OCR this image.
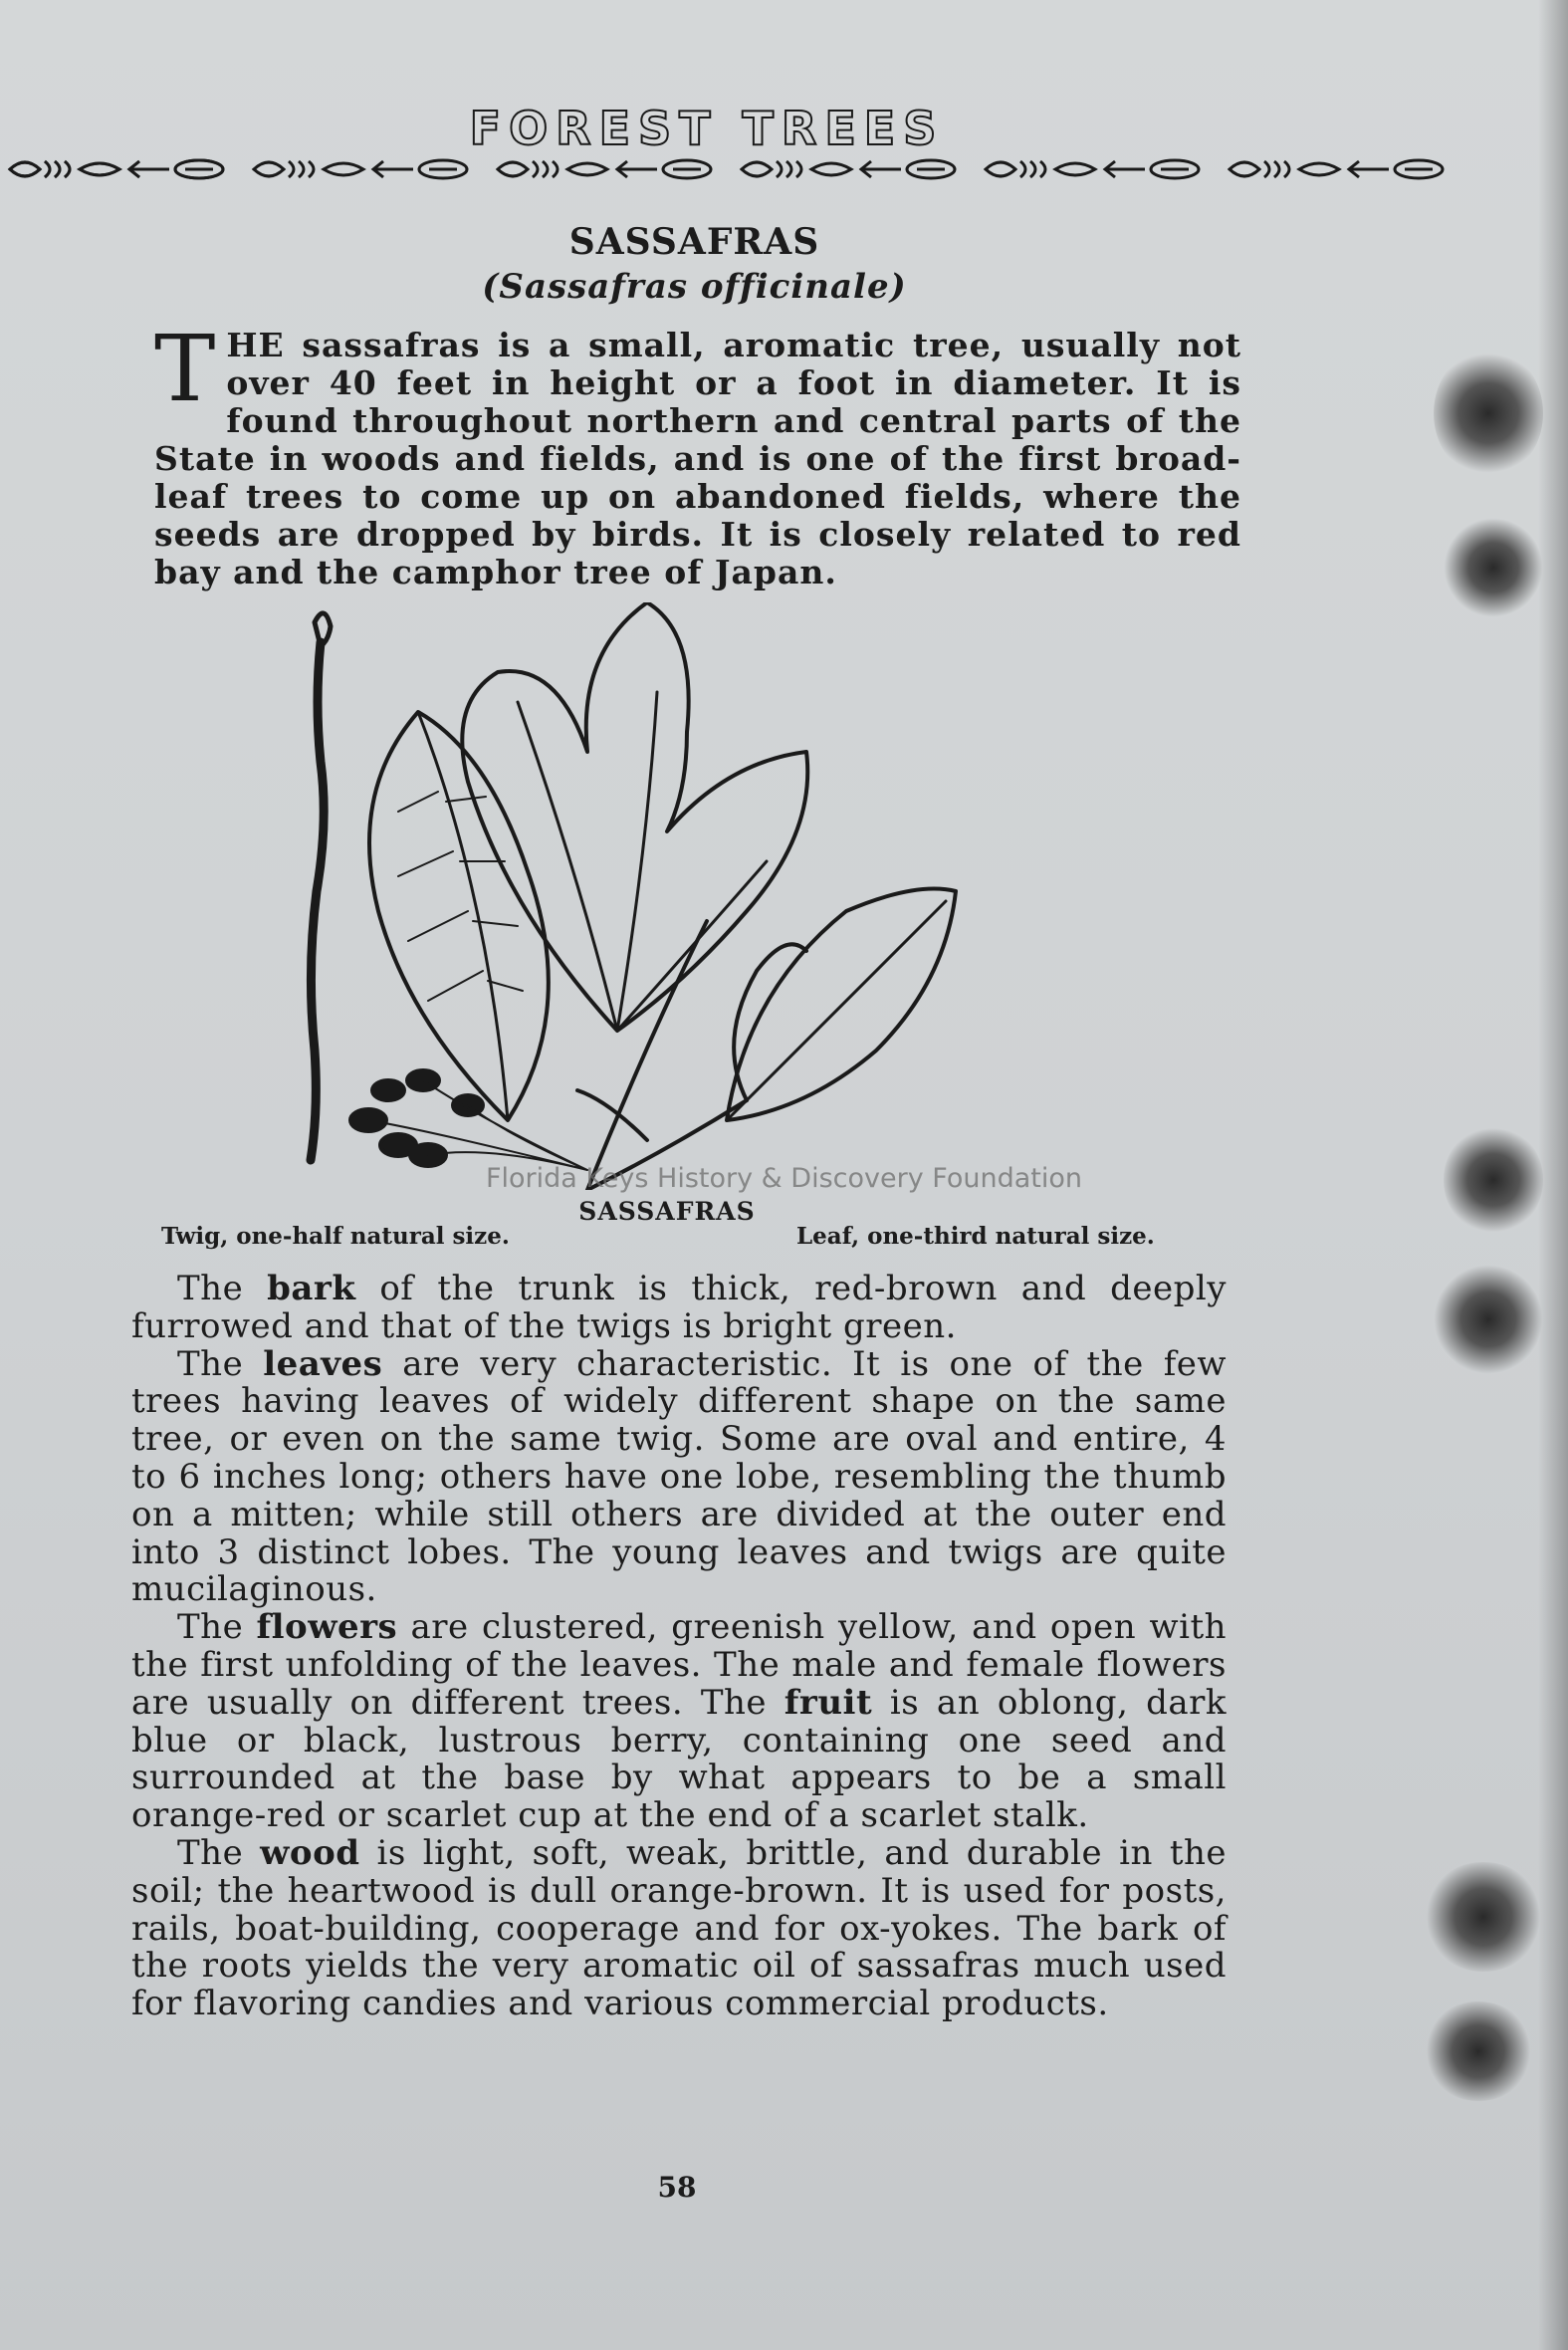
FOREST TREES
SASSAFRAS
(Sassafras officinale)
THE sassafras is a small, aromatic tree, usually not over 40 feet in height or a foot in diameter. It is found throughout northern and central parts of the State in woods and fields, and is one of the first broad-leaf trees to come up on abandoned fields, where the seeds are dropped by birds. It is closely related to red bay and the camphor tree of Japan.
Florida Keys History & Discovery Foundation
SASSAFRAS
Twig, one-half natural size.	Leaf, one-third natural size.

The bark of the trunk is thick, red-brown and deeply furrowed and that of the twigs is bright green.

The leaves are very characteristic. It is one of the few trees having leaves of widely different shape on the same tree, or even on the same twig. Some are oval and entire, 4 to 6 inches long; others have one lobe, resembling the thumb on a mitten; while still others are divided at the outer end into 3 distinct lobes. The young leaves and twigs are quite mucilaginous.

The flowers are clustered, greenish yellow, and open with the first unfolding of the leaves. The male and female flowers are usually on different trees. The fruit is an oblong, dark blue or black, lustrous berry, containing one seed and surrounded at the base by what appears to be a small orange-red or scarlet cup at the end of a scarlet stalk.

The wood is light, soft, weak, brittle, and durable in the soil; the heartwood is dull orange-brown. It is used for posts, rails, boat-building, cooperage and for ox-yokes. The bark of the roots yields the very aromatic oil of sassafras much used for flavoring candies and various commercial products.

58
